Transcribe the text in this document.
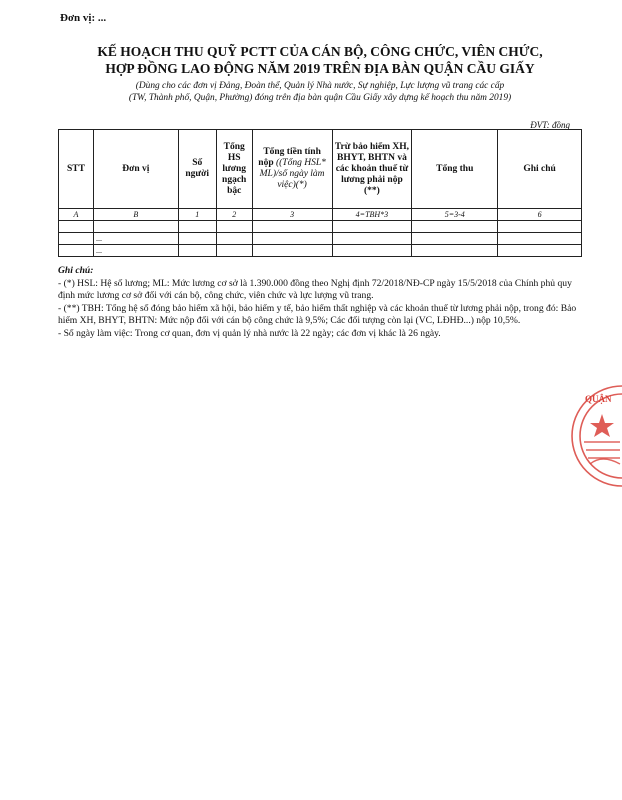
Đơn vị: ...
KẾ HOẠCH THU QUỸ PCTT CỦA CÁN BỘ, CÔNG CHỨC, VIÊN CHỨC,
HỢP ĐỒNG LAO ĐỘNG NĂM 2019 TRÊN ĐỊA BÀN QUẬN CẦU GIẤY
(Dùng cho các đơn vị Đảng, Đoàn thể, Quản lý Nhà nước, Sự nghiệp, Lực lượng vũ trang các cấp
(TW, Thành phố, Quận, Phường) đóng trên địa bàn quận Cầu Giấy xây dựng kế hoạch thu năm 2019)
ĐVT: đồng
STT	Đơn vị	Số người	Tổng HS lương ngạch bậc	Tổng tiền tính nộp ((Tổng HSL* ML)/số ngày làm việc)(*)	Trừ bảo hiểm XH, BHYT, BHTN và các khoản thuế từ lương phải nộp (**)	Tổng thu	Ghi chú
A	B	1	2	3	4=TBH*3	5=3-4	6

	...						
	...						

Ghi chú:

- (*) HSL: Hệ số lương; ML: Mức lương cơ sở là 1.390.000 đồng theo Nghị định 72/2018/NĐ-CP ngày 15/5/2018 của Chính phủ quy định mức lương cơ sở đối với cán bộ, công chức, viên chức và lực lượng vũ trang.

- (**) TBH: Tổng hệ số đóng bảo hiểm xã hội, bảo hiểm y tế, bảo hiểm thất nghiệp và các khoản thuế từ lương phải nộp, trong đó: Bảo hiểm XH, BHYT, BHTN: Mức nộp đối với cán bộ công chức là 9,5%; Các đối tượng còn lại (VC, LĐHĐ...) nộp 10,5%.

- Số ngày làm việc: Trong cơ quan, đơn vị quản lý nhà nước là 22 ngày; các đơn vị khác là 26 ngày.

QUẬN
